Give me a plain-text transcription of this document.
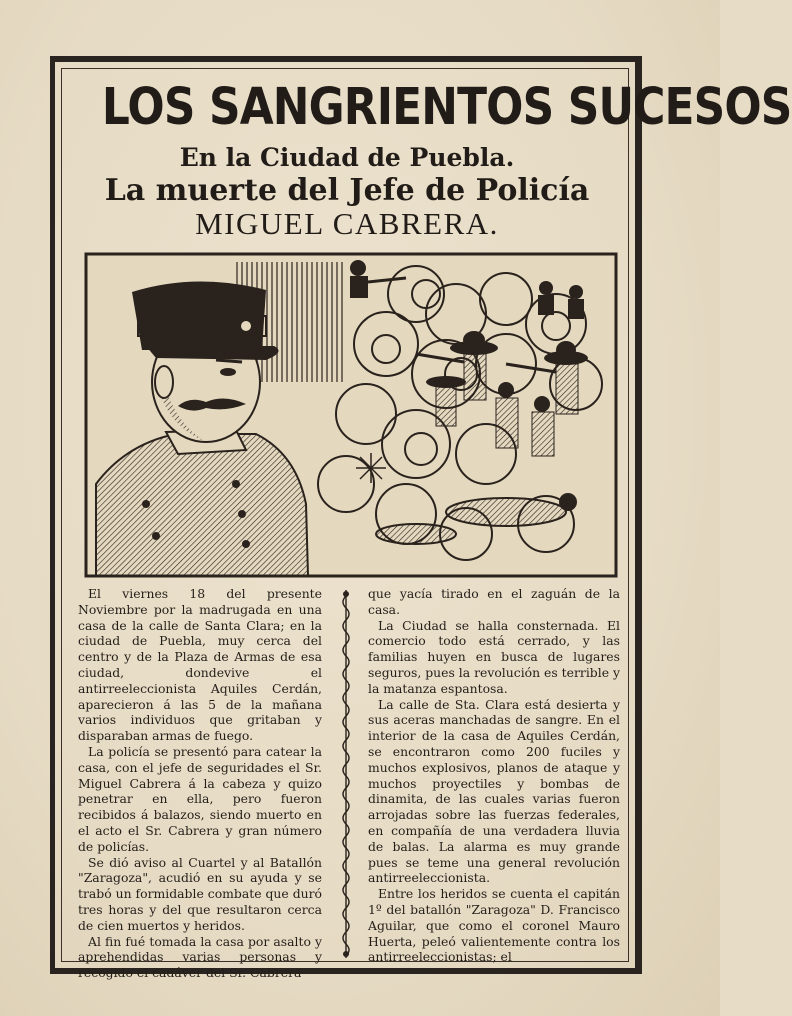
LOS SANGRIENTOS SUCESOS
En la Ciudad de Puebla.
La muerte del Jefe de Policía
MIGUEL CABRERA.

El viernes 18 del presente Noviembre por la madrugada en una casa de la calle de Santa Clara; en la ciudad de Puebla, muy cerca del centro y de la Plaza de Armas de esa ciudad, dondevive el antirreeleccionista Aquiles Cerdán, aparecieron á las 5 de la mañana varios individuos que gritaban y disparaban armas de fuego.

La policía se presentó para catear la casa, con el jefe de seguridades el Sr. Miguel Cabrera á la cabeza y quizo penetrar en ella, pero fueron recibidos á balazos, siendo muerto en el acto el Sr. Cabrera y gran número de policías.

Se dió aviso al Cuartel y al Batallón "Zaragoza", acudió en su ayuda y se trabó un formidable combate que duró tres horas y del que resultaron cerca de cien muertos y heridos.

Al fin fué tomada la casa por asalto y aprehendidas varias personas y recogido el cadáver del Sr. Cabrera

que yacía tirado en el zaguán de la casa.

La Ciudad se halla consternada. El comercio todo está cerrado, y las familias huyen en busca de lugares seguros, pues la revolución es terrible y la matanza espantosa.

La calle de Sta. Clara está desierta y sus aceras manchadas de sangre. En el interior de la casa de Aquiles Cerdán, se encontraron como 200 fuciles y muchos explosivos, planos de ataque y muchos proyectiles y bombas de dinamita, de las cuales varias fueron arrojadas sobre las fuerzas federales, en compañía de una verdadera lluvia de balas. La alarma es muy grande pues se teme una general revolución antirreeleccionista.

Entre los heridos se cuenta el capitán 1º del batallón "Zaragoza" D. Francisco Aguilar, que como el coronel Mauro Huerta, peleó valientemente contra los antirreeleccionistas; el
